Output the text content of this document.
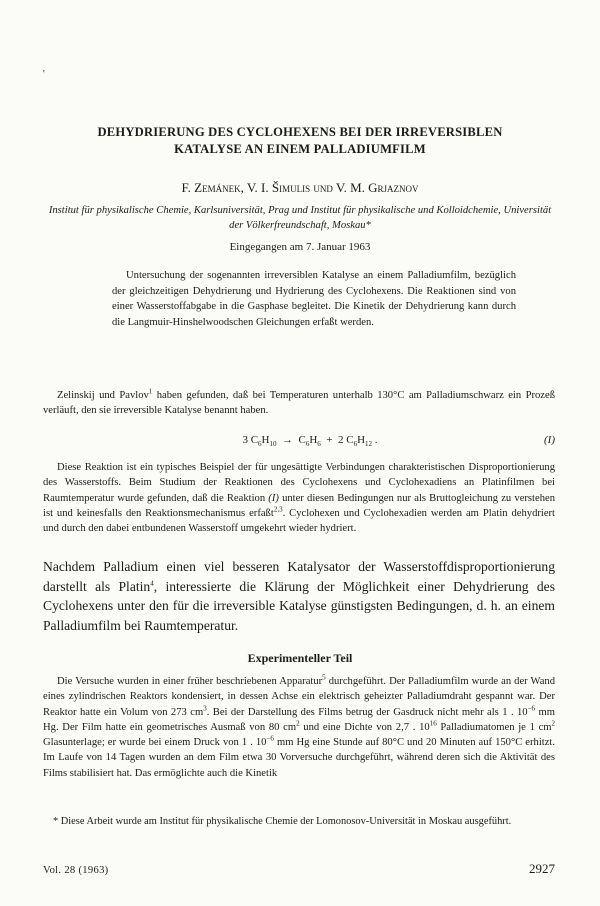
'
DEHYDRIERUNG DES CYCLOHEXENS BEI DER IRREVERSIBLEN
KATALYSE AN EINEM PALLADIUMFILM
F. Zemánek, V. I. Šimulis und V. M. Grjaznov
Institut für physikalische Chemie, Karlsuniversität, Prag und Institut für physikalische und Kolloidchemie, Universität der Völkerfreundschaft, Moskau*
Eingegangen am 7. Januar 1963
Untersuchung der sogenannten irreversiblen Katalyse an einem Palladiumfilm, bezüglich der gleichzeitigen Dehydrierung und Hydrierung des Cyclohexens. Die Reaktionen sind von einer Wasserstoffabgabe in die Gasphase begleitet. Die Kinetik der Dehydrierung kann durch die Langmuir-Hinshelwoodschen Gleichungen erfaßt werden.

Zelinskij und Pavlov$^1$ haben gefunden, daß bei Temperaturen unterhalb 130°C am Palladiumschwarz ein Prozeß verläuft, den sie irreversible Katalyse benannt haben.

3 $C_6H_{10} \to C_6H_6 + 2$ $C_6H_{12}$ .	(I)

Diese Reaktion ist ein typisches Beispiel der für ungesättigte Verbindungen charakteristischen Disproportionierung des Wasserstoffs. Beim Studium der Reaktionen des Cyclohexens und Cyclohexadiens an Platinfilmen bei Raumtemperatur wurde gefunden, daß die Reaktion (I) unter diesen Bedingungen nur als Bruttogleichung zu verstehen ist und keinesfalls den Reaktionsmechanismus erfaßt$^{2,3}$. Cyclohexen und Cyclohexadien werden am Platin dehydriert und durch den dabei entbundenen Wasserstoff umgekehrt wieder hydriert.

Nachdem Palladium einen viel besseren Katalysator der Wasserstoffdisproportionierung darstellt als Platin$^4$, interessierte die Klärung der Möglichkeit einer Dehydrierung des Cyclohexens unter den für die irreversible Katalyse günstigsten Bedingungen, d. h. an einem Palladiumfilm bei Raumtemperatur.

Experimenteller Teil

Die Versuche wurden in einer früher beschriebenen Apparatur$^5$ durchgeführt. Der Palladiumfilm wurde an der Wand eines zylindrischen Reaktors kondensiert, in dessen Achse ein elektrisch geheizter Palladiumdraht gespannt war. Der Reaktor hatte ein Volum von 273 $cm^3$. Bei der Darstellung des Films betrug der Gasdruck nicht mehr als 1 . $10^{-6}$ mm Hg. Der Film hatte ein geometrisches Ausmaß von 80 $cm^2$ und eine Dichte von 2,7 . $10^{16}$ Palladiumatomen je 1 $cm^2$ Glasunterlage; er wurde bei einem Druck von 1 . $10^{-6}$ mm Hg eine Stunde auf 80°C und 20 Minuten auf 150°C erhitzt. Im Laufe von 14 Tagen wurden an dem Film etwa 30 Vorversuche durchgeführt, während deren sich die Aktivität des Films stabilisiert hat. Das ermöglichte auch die Kinetik

* Diese Arbeit wurde am Institut für physikalische Chemie der Lomonosov-Universität in Moskau ausgeführt.
Vol. 28 (1963)	2927
